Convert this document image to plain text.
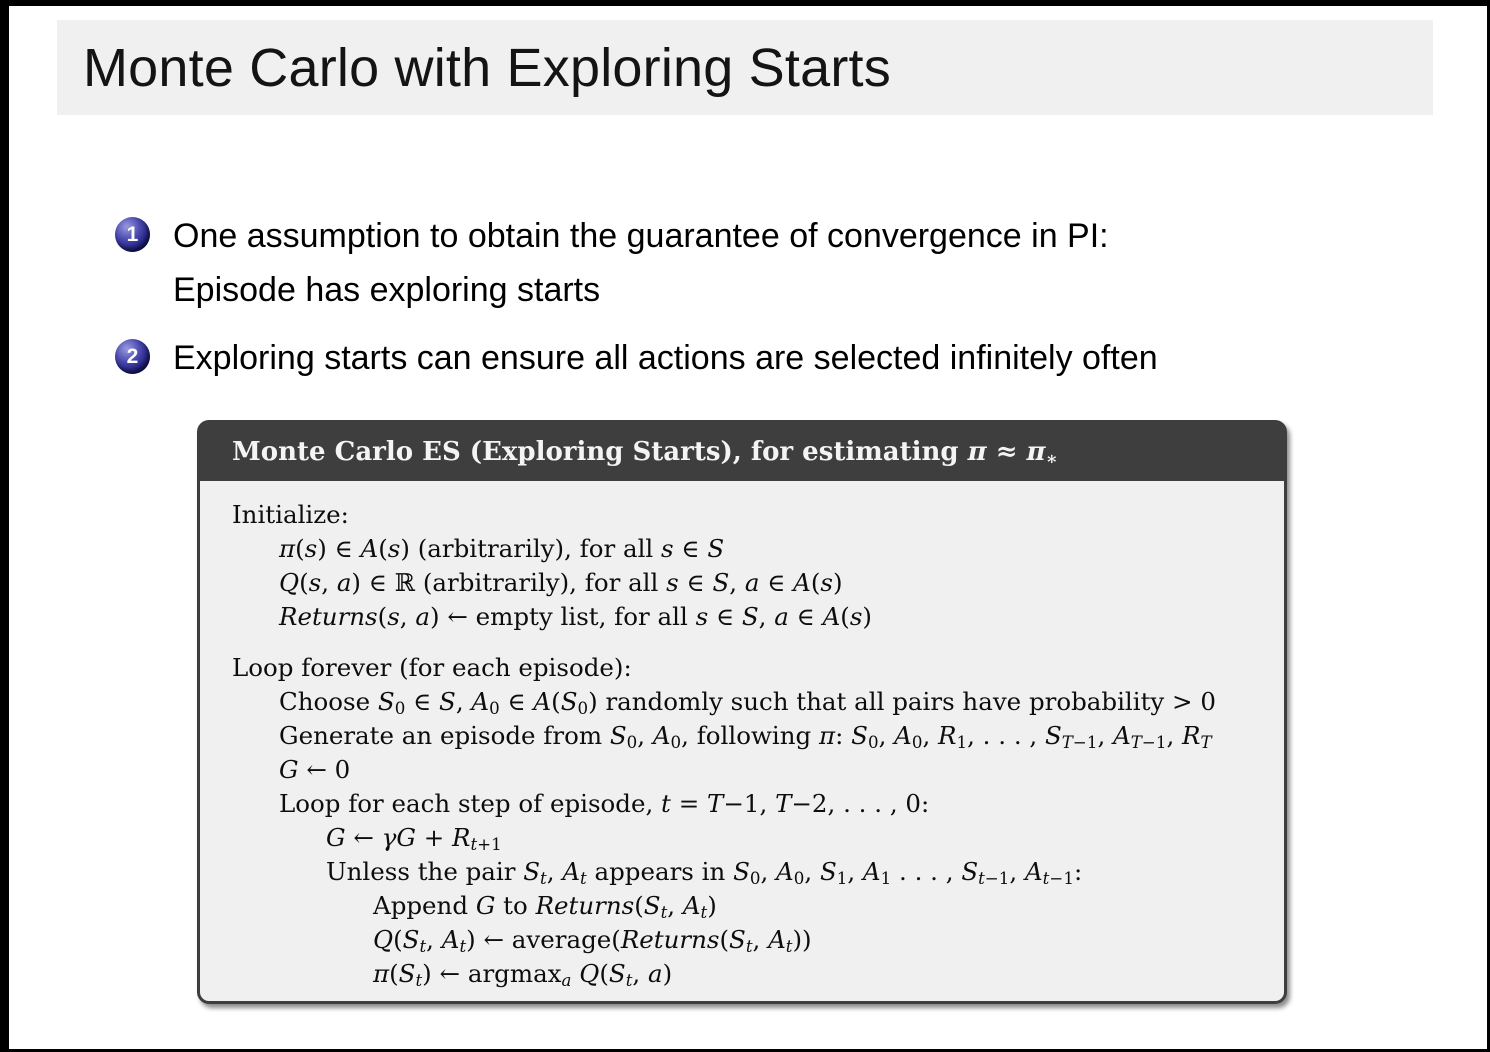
Monte Carlo with Exploring Starts
1 One assumption to obtain the guarantee of convergence in PI:
Episode has exploring starts
2 Exploring starts can ensure all actions are selected infinitely often
Monte Carlo ES (Exploring Starts), for estimating $\pi \approx \pi_∗$
Initialize:
π(s) ∈ A(s) (arbitrarily), for all s ∈ S
Q(s, a) ∈ ℝ (arbitrarily), for all s ∈ S, a ∈ A(s)
Returns(s, a) ← empty list, for all s ∈ S, a ∈ A(s)
Loop forever (for each episode):
Choose $S_0$ ∈ S, $A_0$ ∈ $A(S_0)$ randomly such that all pairs have probability > 0
Generate an episode from $S_0$, $A_0$, following π: $S_0$, $A_0$, $R_1$, . . . , $S_{T-1}$, $A_{T-1}$, $R_T$
G ← 0
Loop for each step of episode, t = T−1, T−2, . . . , 0:
G ← $\gamma G + R_{t+1}$
Unless the pair $S_t$, $A_t$ appears in $S_0$, $A_0$, $S_1$, $A_1$ . . . , $S_{t-1}$, $A_{t-1}$:
Append G to $Returns(S_t$, $A_t$)
$Q(S_t$, $A_t$) ← $average(Returns(S_t$, $A_t$))
$\pi(S_t)$ ← argmax$_a$ $Q(S_t$, a)
